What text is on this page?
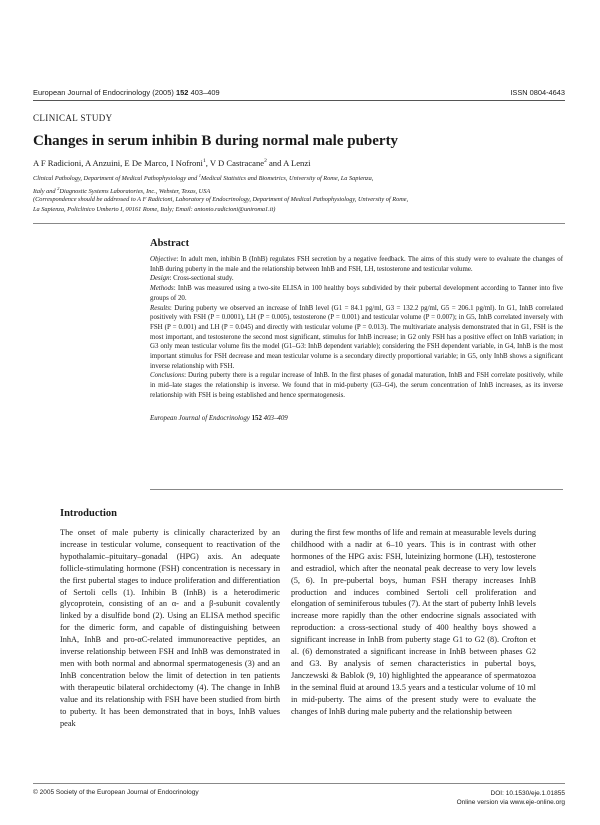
European Journal of Endocrinology (2005) 152 403–409	ISSN 0804-4643
CLINICAL STUDY
Changes in serum inhibin B during normal male puberty
A F Radicioni, A Anzuini, E De Marco, I Nofroni$^1$, V D Castracane$^2$ and A Lenzi
Clinical Pathology, Department of Medical Pathophysiology and $^1$Medical Statistics and Biometrics, University of Rome, La Sapienza,
Italy and $^2$Diagnostic Systems Laboratories, Inc., Webster, Texas, USA
(Correspondence should be addressed to A F Radicioni, Laboratory of Endocrinology, Department of Medical Pathophysiology, University of Rome,
La Sapienza, Policlinico Umberto I, 00161 Rome, Italy; Email: antonio.radicioni@uniroma1.it)
Abstract

Objective: In adult men, inhibin B (InhB) regulates FSH secretion by a negative feedback. The aims of this study were to evaluate the changes of InhB during puberty in the male and the relationship between InhB and FSH, LH, testosterone and testicular volume.

Design: Cross-sectional study.

Methods: InhB was measured using a two-site ELISA in 100 healthy boys subdivided by their pubertal development according to Tanner into five groups of 20.

Results: During puberty we observed an increase of InhB level (G1 = 84.1 pg/ml, G3 = 132.2 pg/ml, G5 = 206.1 pg/ml). In G1, InhB correlated positively with FSH (P = 0.0001), LH (P = 0.005), testosterone (P = 0.001) and testicular volume (P = 0.007); in G5, InhB correlated inversely with FSH (P = 0.001) and LH (P = 0.045) and directly with testicular volume (P = 0.013). The multivariate analysis demonstrated that in G1, FSH is the most important, and testosterone the second most significant, stimulus for InhB increase; in G2 only FSH has a positive effect on InhB variation; in G3 only mean testicular volume fits the model (G1–G3: InhB dependent variable); considering the FSH dependent variable, in G4, InhB is the most important stimulus for FSH decrease and mean testicular volume is a secondary directly proportional variable; in G5, only InhB shows a significant inverse relationship with FSH.

Conclusions: During puberty there is a regular increase of InhB. In the first phases of gonadal maturation, InhB and FSH correlate positively, while in mid–late stages the relationship is inverse. We found that in mid-puberty (G3–G4), the serum concentration of InhB increases, as its inverse relationship with FSH is being established and hence spermatogenesis.

European Journal of Endocrinology 152 403–409
Introduction

The onset of male puberty is clinically characterized by an increase in testicular volume, consequent to reactivation of the hypothalamic–pituitary–gonadal (HPG) axis. An adequate follicle-stimulating hormone (FSH) concentration is necessary in the first pubertal stages to induce proliferation and differentiation of Sertoli cells (1). Inhibin B (InhB) is a heterodimeric glycoprotein, consisting of an α- and a β-subunit covalently linked by a disulfide bond (2). Using an ELISA method specific for the dimeric form, and capable of distinguishing between InhA, InhB and pro-αC-related immunoreactive peptides, an inverse relationship between FSH and InhB was demonstrated in men with both normal and abnormal spermatogenesis (3) and an InhB concentration below the limit of detection in ten patients with therapeutic bilateral orchidectomy (4). The change in InhB value and its relationship with FSH have been studied from birth to puberty. It has been demonstrated that in boys, InhB values peak

during the first few months of life and remain at measurable levels during childhood with a nadir at 6–10 years. This is in contrast with other hormones of the HPG axis: FSH, luteinizing hormone (LH), testosterone and estradiol, which after the neonatal peak decrease to very low levels (5, 6). In pre-pubertal boys, human FSH therapy increases InhB production and induces combined Sertoli cell proliferation and elongation of seminiferous tubules (7). At the start of puberty InhB levels increase more rapidly than the other endocrine signals associated with reproduction: a cross-sectional study of 400 healthy boys showed a significant increase in InhB from puberty stage G1 to G2 (8). Crofton et al. (6) demonstrated a significant increase in InhB between phases G2 and G3. By analysis of semen characteristics in pubertal boys, Janczewski & Bablok (9, 10) highlighted the appearance of spermatozoa in the seminal fluid at around 13.5 years and a testicular volume of 10 ml in mid-puberty. The aims of the present study were to evaluate the changes of InhB during male puberty and the relationship between

© 2005 Society of the European Journal of Endocrinology	DOI: 10.1530/eje.1.01855
Online version via www.eje-online.org
